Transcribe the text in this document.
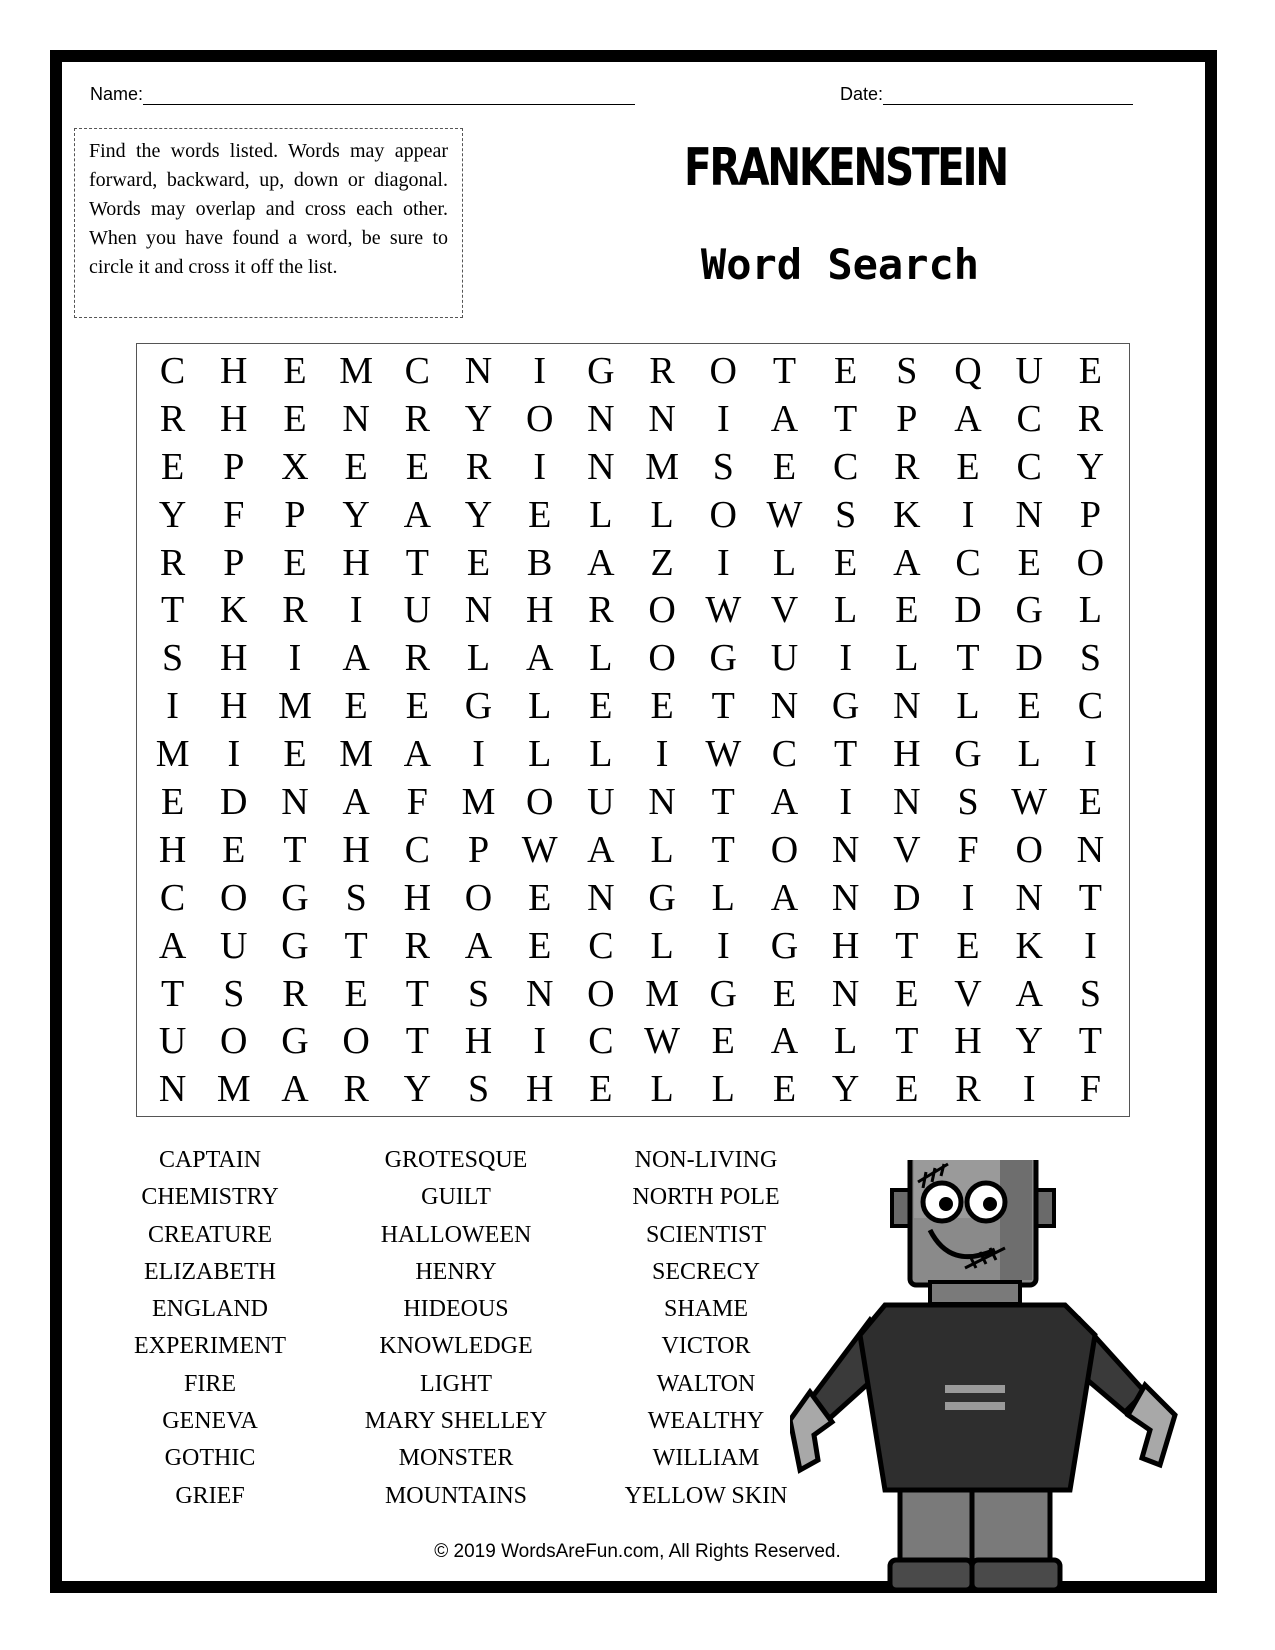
Name:	Date:
Find the words listed. Words may appear forward, backward, up, down or diagonal. Words may overlap and cross each other. When you have found a word, be sure to circle it and cross it off the list.
FRANKENSTEIN
Word Search
C H E M C N	I	G R O T E	S Q U E
R H E N R Y O N N	I	A T	P A C R
E	P X E E R	I	N M S	E C R E C Y
Y F	P Y A Y E L L O W S K	I	N P
R P	E H T E B A Z	I	L E A C E O
T K R	I	U N H R O W V L E D G L
S H	I	A R L A L O G U	I	L T D S
I	H M E E G L E E T N G N L E C
M I	E M A	I	L L	I W C T H G L	I
E D N A F M O U N T A	I	N S W E
H E T H C P W A L T O N V F O N
C O G S H O E N G L A N D	I	N T
A U G T R A E C L	I	G H T E K	I
T	S R E T	S N O M G E N E V A S
U O G O T H	I	C W E A L T H Y T
N M A R Y S H E L L E Y E R	I	F
CAPTAIN
CHEMISTRY
CREATURE
ELIZABETH
ENGLAND
EXPERIMENT
FIRE
GENEVA
GOTHIC
GRIEF
GROTESQUE
GUILT
HALLOWEEN
HENRY
HIDEOUS
KNOWLEDGE
LIGHT
MARY SHELLEY
MONSTER
MOUNTAINS
NON-LIVING
NORTH POLE
SCIENTIST
SECRECY
SHAME
VICTOR
WALTON
WEALTHY
WILLIAM
YELLOW SKIN
© 2019 WordsAreFun.com, All Rights Reserved.
